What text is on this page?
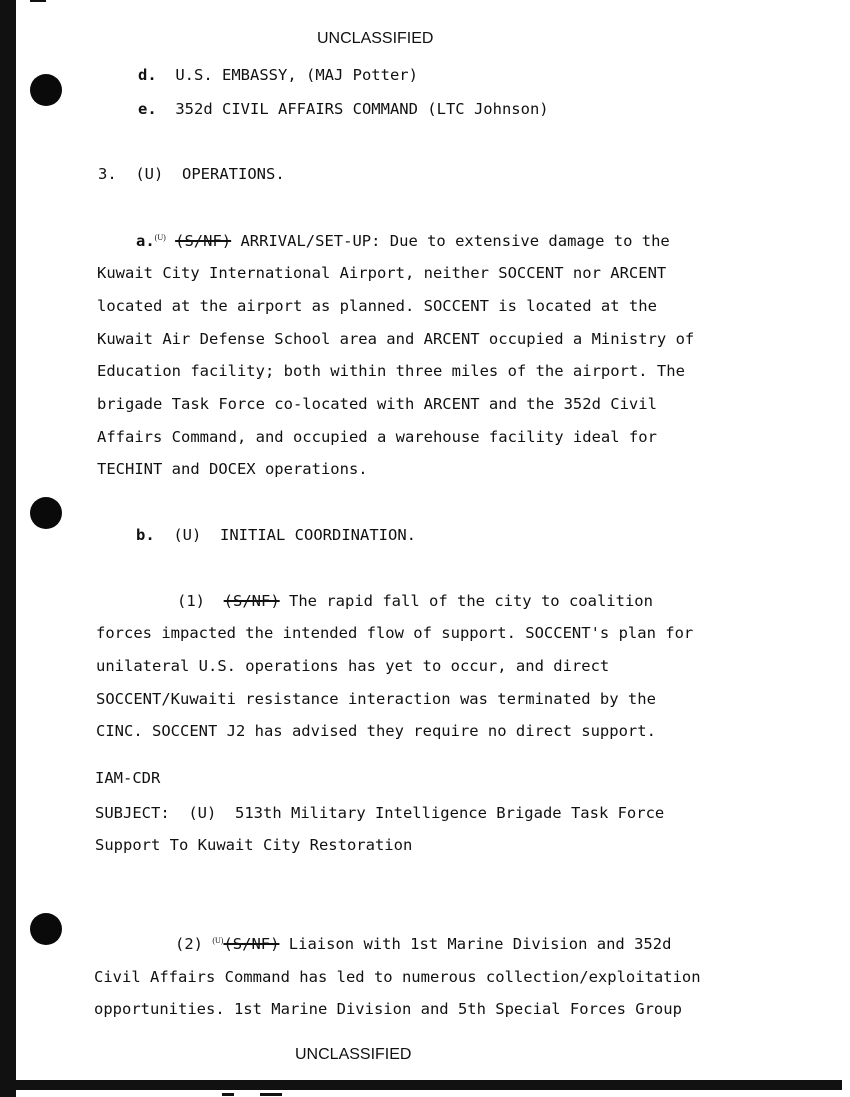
UNCLASSIFIED
d. U.S. EMBASSY, (MAJ Potter)
e. 352d CIVIL AFFAIRS COMMAND (LTC Johnson)
3. (U) OPERATIONS.
a.$^{(U)}$ (S/NF) ARRIVAL/SET-UP: Due to extensive damage to the
Kuwait City International Airport, neither SOCCENT nor ARCENT
located at the airport as planned. SOCCENT is located at the
Kuwait Air Defense School area and ARCENT occupied a Ministry of
Education facility; both within three miles of the airport. The
brigade Task Force co-located with ARCENT and the 352d Civil
Affairs Command, and occupied a warehouse facility ideal for
TECHINT and DOCEX operations.
b. (U) INITIAL COORDINATION.
(1) (S/NF) The rapid fall of the city to coalition
forces impacted the intended flow of support. SOCCENT's plan for
unilateral U.S. operations has yet to occur, and direct
SOCCENT/Kuwaiti resistance interaction was terminated by the
CINC. SOCCENT J2 has advised they require no direct support.
IAM-CDR
SUBJECT: (U) 513th Military Intelligence Brigade Task Force
Support To Kuwait City Restoration
(2) $^{(U)}$(S/NF) Liaison with 1st Marine Division and 352d
Civil Affairs Command has led to numerous collection/exploitation
opportunities. 1st Marine Division and 5th Special Forces Group
UNCLASSIFIED
